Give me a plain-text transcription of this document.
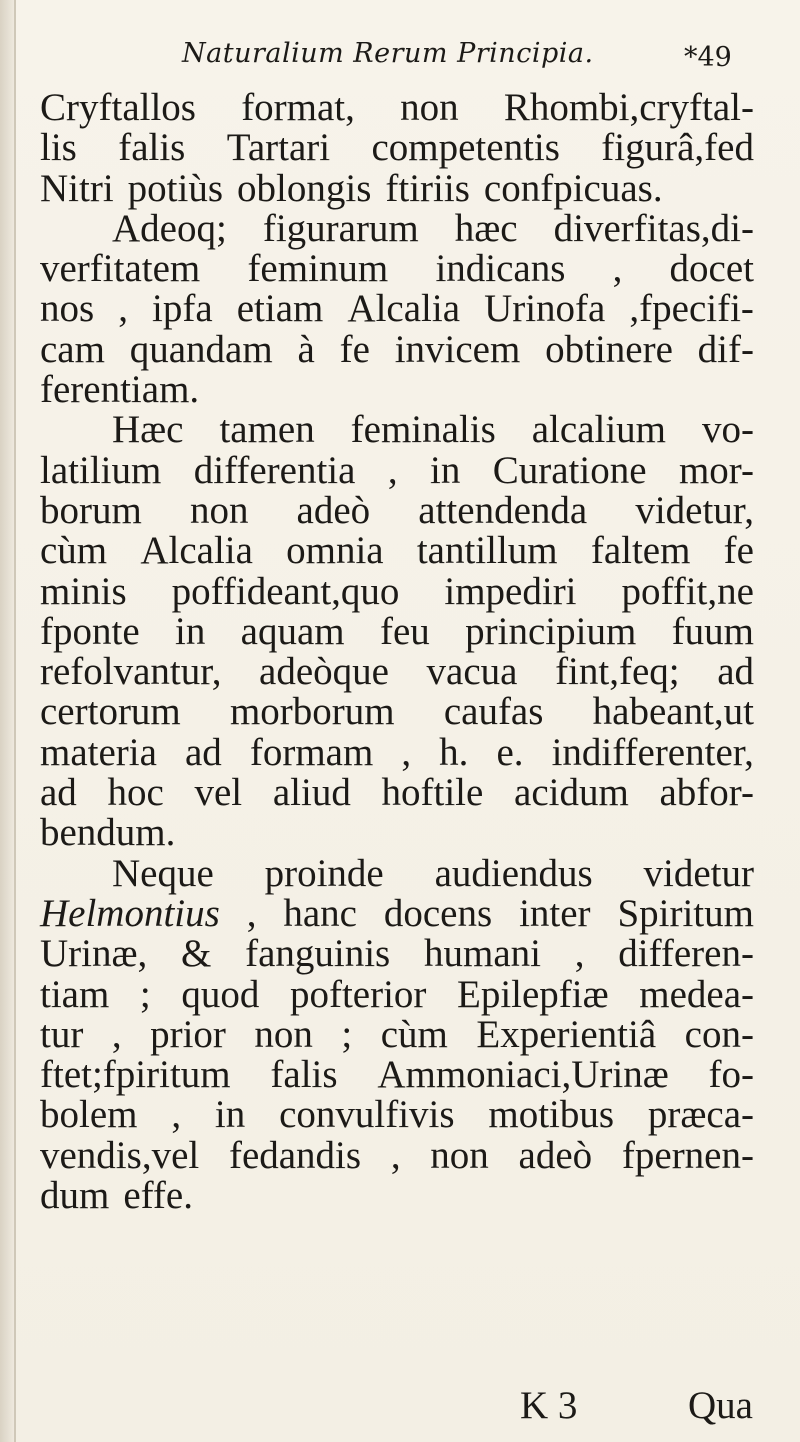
Naturalium Rerum Principia.	*49
Cryftallos format, non Rhombi,cryftal-
lis falis Tartari competentis figurâ,fed
Nitri potiùs oblongis ftiriis confpicuas.
Adeoq; figurarum hæc diverfitas,di-
verfitatem feminum indicans , docet
nos , ipfa etiam Alcalia Urinofa ,fpecifi-
cam quandam à fe invicem obtinere dif-
ferentiam.
Hæc tamen feminalis alcalium vo-
latilium differentia , in Curatione mor-
borum non adeò attendenda videtur,
cùm Alcalia omnia tantillum faltem fe
minis poffideant,quo impediri poffit,ne
fponte in aquam feu principium fuum
refolvantur, adeòque vacua fint,feq; ad
certorum morborum caufas habeant,ut
materia ad formam , h. e. indifferenter,
ad hoc vel aliud hoftile acidum abfor-
bendum.
Neque proinde audiendus videtur
Helmontius , hanc docens inter Spiritum
Urinæ, & fanguinis humani , differen-
tiam ; quod pofterior Epilepfiæ medea-
tur , prior non ; cùm Experientiâ con-
ftet;fpiritum falis Ammoniaci,Urinæ fo-
bolem , in convulfivis motibus præca-
vendis,vel fedandis , non adeò fpernen-
dum effe.
K 3	Qua
